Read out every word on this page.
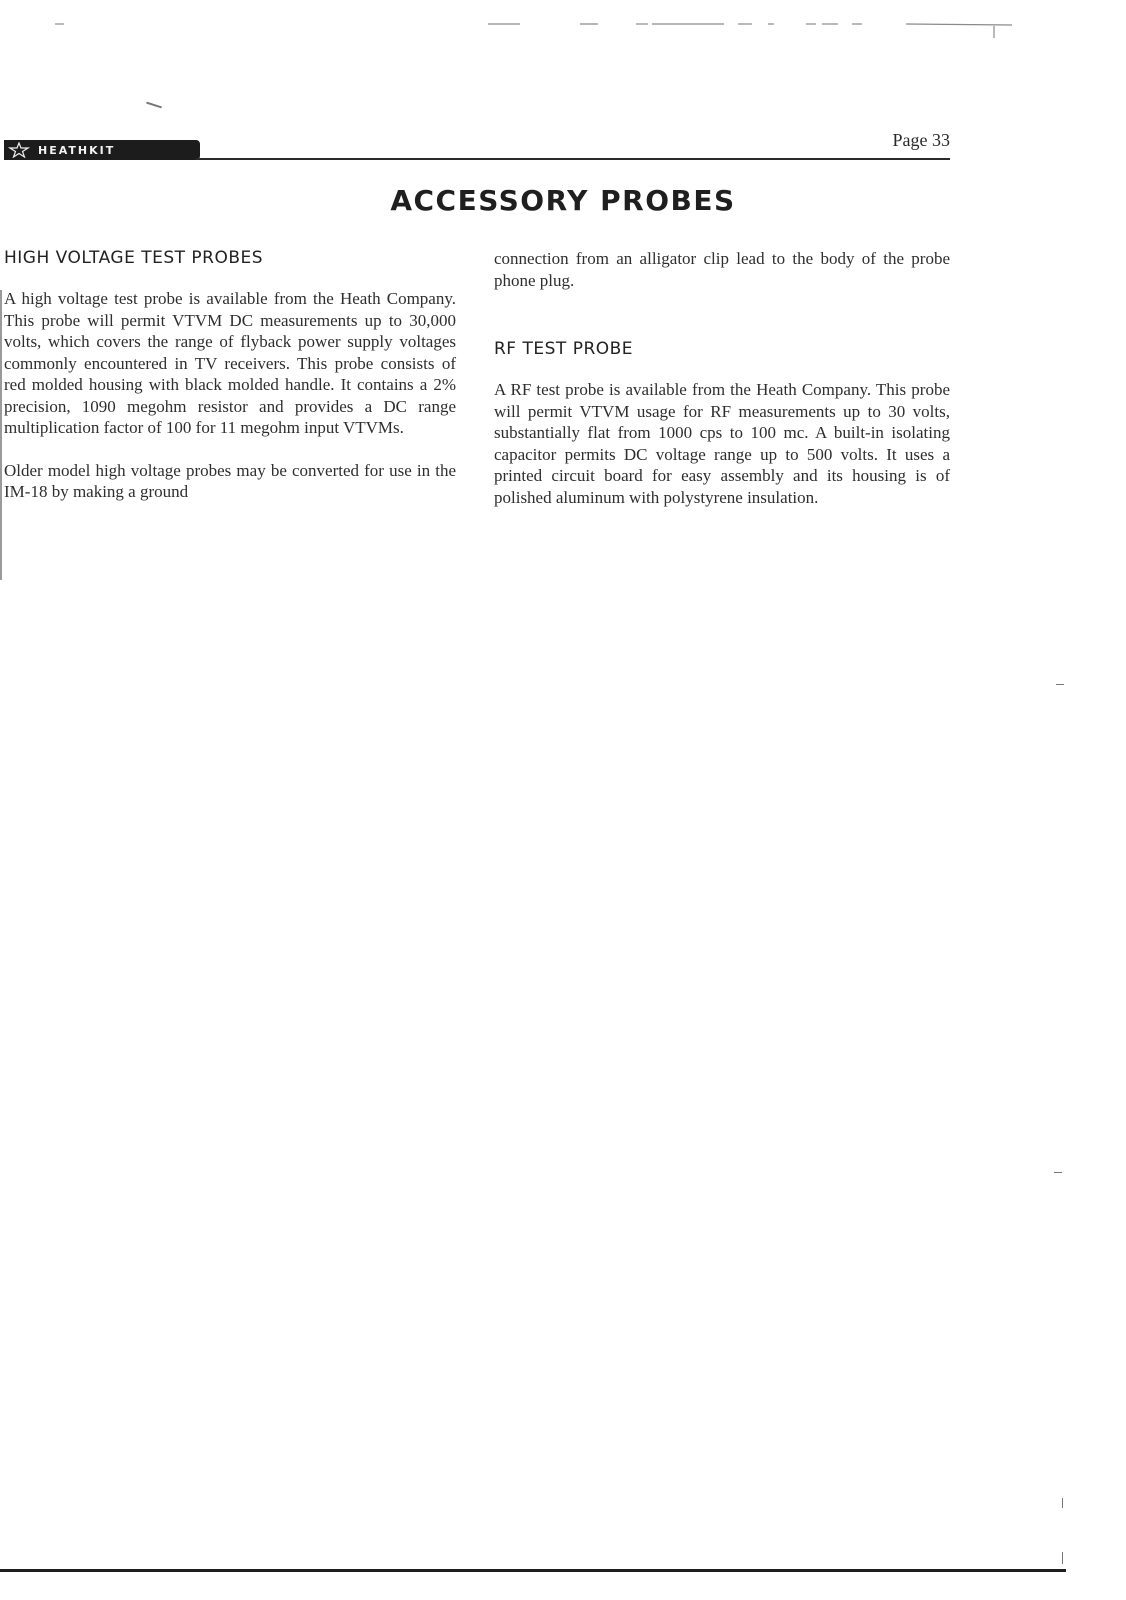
HEATHKIT	Page 33
ACCESSORY PROBES
HIGH VOLTAGE TEST PROBES

A high voltage test probe is available from the Heath Company. This probe will permit VTVM DC measurements up to 30,000 volts, which covers the range of flyback power supply voltages commonly encountered in TV receivers. This probe consists of red molded housing with black molded handle. It contains a 2% precision, 1090 megohm resistor and provides a DC range multiplication factor of 100 for 11 megohm input VTVMs.

Older model high voltage probes may be converted for use in the IM-18 by making a ground

connection from an alligator clip lead to the body of the probe phone plug.

RF TEST PROBE

A RF test probe is available from the Heath Company. This probe will permit VTVM usage for RF measurements up to 30 volts, substantially flat from 1000 cps to 100 mc. A built-in isolating capacitor permits DC voltage range up to 500 volts. It uses a printed circuit board for easy assembly and its housing is of polished aluminum with polystyrene insulation.
